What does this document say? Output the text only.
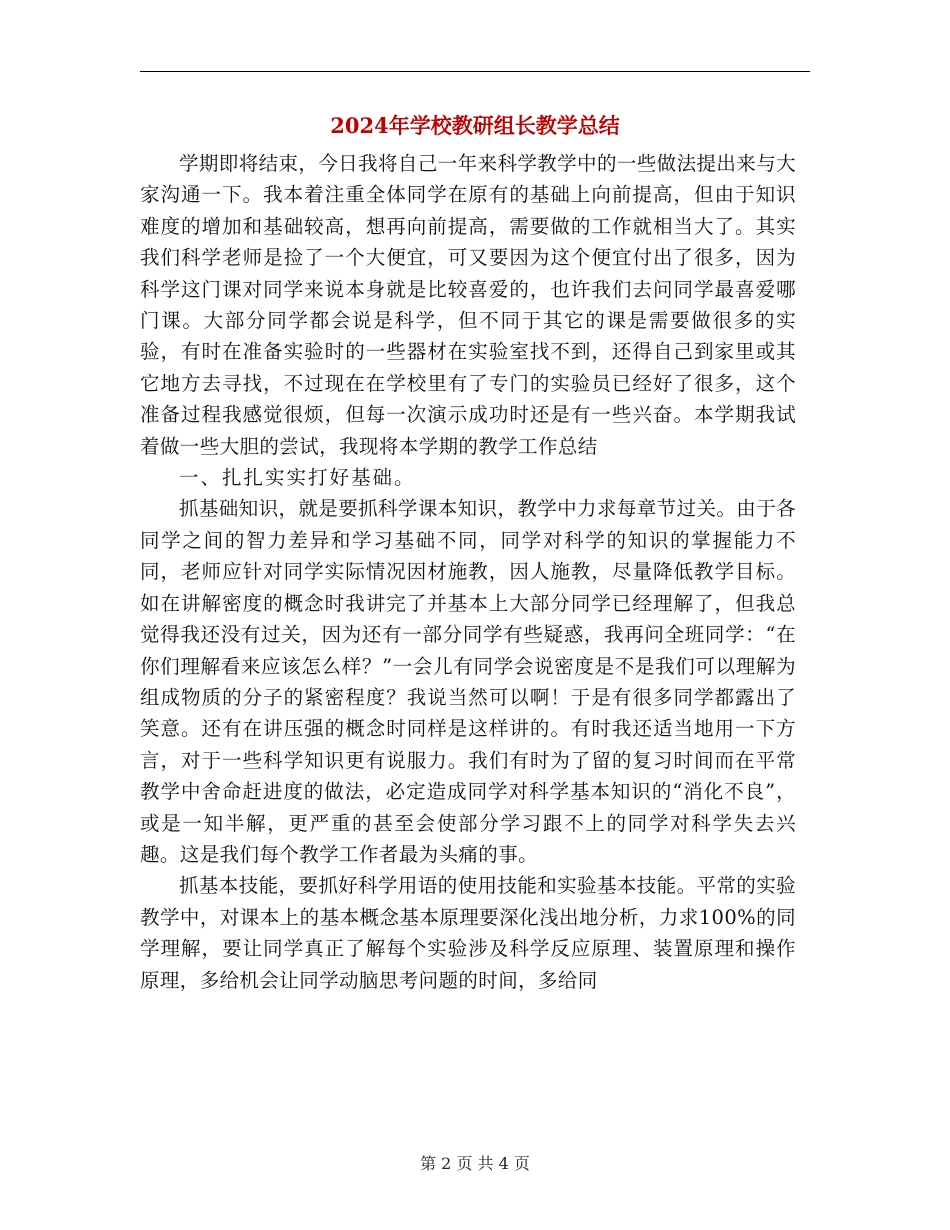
2024年学校教研组长教学总结

学期即将结束，今日我将自己一年来科学教学中的一些做法提出来与大家沟通一下。我本着注重全体同学在原有的基础上向前提高，但由于知识难度的增加和基础较高，想再向前提高，需要做的工作就相当大了。其实我们科学老师是捡了一个大便宜，可又要因为这个便宜付出了很多，因为科学这门课对同学来说本身就是比较喜爱的，也许我们去问同学最喜爱哪门课。大部分同学都会说是科学，但不同于其它的课是需要做很多的实验，有时在准备实验时的一些器材在实验室找不到，还得自己到家里或其它地方去寻找，不过现在在学校里有了专门的实验员已经好了很多，这个准备过程我感觉很烦，但每一次演示成功时还是有一些兴奋。本学期我试着做一些大胆的尝试，我现将本学期的教学工作总结

一、扎扎实实打好基础。

抓基础知识，就是要抓科学课本知识，教学中力求每章节过关。由于各同学之间的智力差异和学习基础不同，同学对科学的知识的掌握能力不同，老师应针对同学实际情况因材施教，因人施教，尽量降低教学目标。如在讲解密度的概念时我讲完了并基本上大部分同学已经理解了，但我总觉得我还没有过关，因为还有一部分同学有些疑惑，我再问全班同学：“在你们理解看来应该怎么样？”一会儿有同学会说密度是不是我们可以理解为组成物质的分子的紧密程度？我说当然可以啊！于是有很多同学都露出了笑意。还有在讲压强的概念时同样是这样讲的。有时我还适当地用一下方言，对于一些科学知识更有说服力。我们有时为了留的复习时间而在平常教学中舍命赶进度的做法，必定造成同学对科学基本知识的“消化不良”，或是一知半解，更严重的甚至会使部分学习跟不上的同学对科学失去兴趣。这是我们每个教学工作者最为头痛的事。

抓基本技能，要抓好科学用语的使用技能和实验基本技能。平常的实验教学中，对课本上的基本概念基本原理要深化浅出地分析，力求100%的同学理解，要让同学真正了解每个实验涉及科学反应原理、装置原理和操作原理，多给机会让同学动脑思考问题的时间，多给同

第 2 页 共 4 页
